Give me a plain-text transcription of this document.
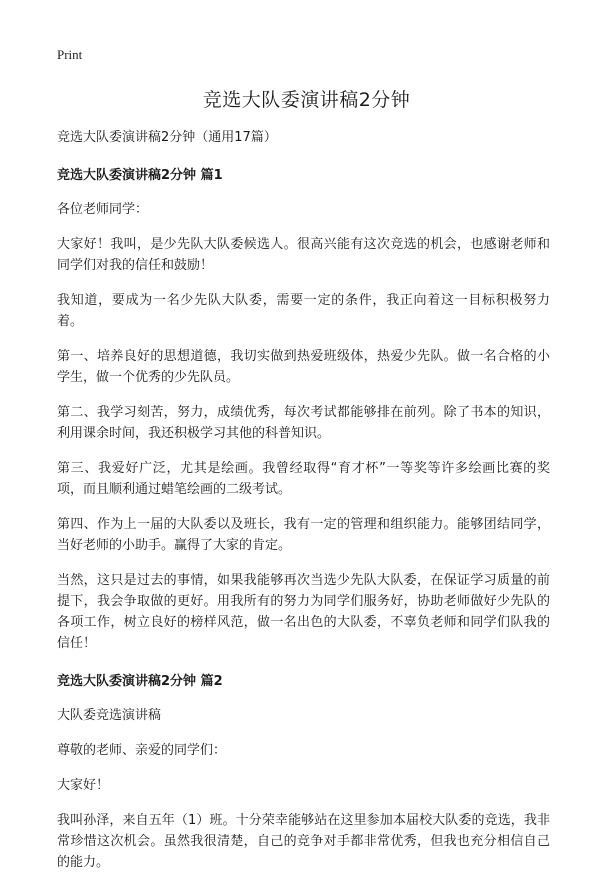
Print
竞选大队委演讲稿2分钟

竞选大队委演讲稿2分钟（通用17篇）

竞选大队委演讲稿2分钟 篇1

各位老师同学：

大家好！我叫，是少先队大队委候选人。很高兴能有这次竞选的机会，也感谢老师和同学们对我的信任和鼓励！

我知道，要成为一名少先队大队委，需要一定的条件，我正向着这一目标积极努力着。

第一、培养良好的思想道德，我切实做到热爱班级体，热爱少先队。做一名合格的小学生，做一个优秀的少先队员。

第二、我学习刻苦，努力，成绩优秀，每次考试都能够排在前列。除了书本的知识，利用课余时间，我还积极学习其他的科普知识。

第三、我爱好广泛，尤其是绘画。我曾经取得“育才杯”一等奖等许多绘画比赛的奖项，而且顺利通过蜡笔绘画的二级考试。

第四、作为上一届的大队委以及班长，我有一定的管理和组织能力。能够团结同学，当好老师的小助手。赢得了大家的肯定。

当然，这只是过去的事情，如果我能够再次当选少先队大队委，在保证学习质量的前提下，我会争取做的更好。用我所有的努力为同学们服务好，协助老师做好少先队的各项工作，树立良好的榜样风范，做一名出色的大队委，不辜负老师和同学们队我的信任！

竞选大队委演讲稿2分钟 篇2

大队委竞选演讲稿

尊敬的老师、亲爱的同学们：

大家好！

我叫孙泽，来自五年（1）班。十分荣幸能够站在这里参加本届校大队委的竞选，我非常珍惜这次机会。虽然我很清楚，自己的竞争对手都非常优秀，但我也充分相信自己的能力。
